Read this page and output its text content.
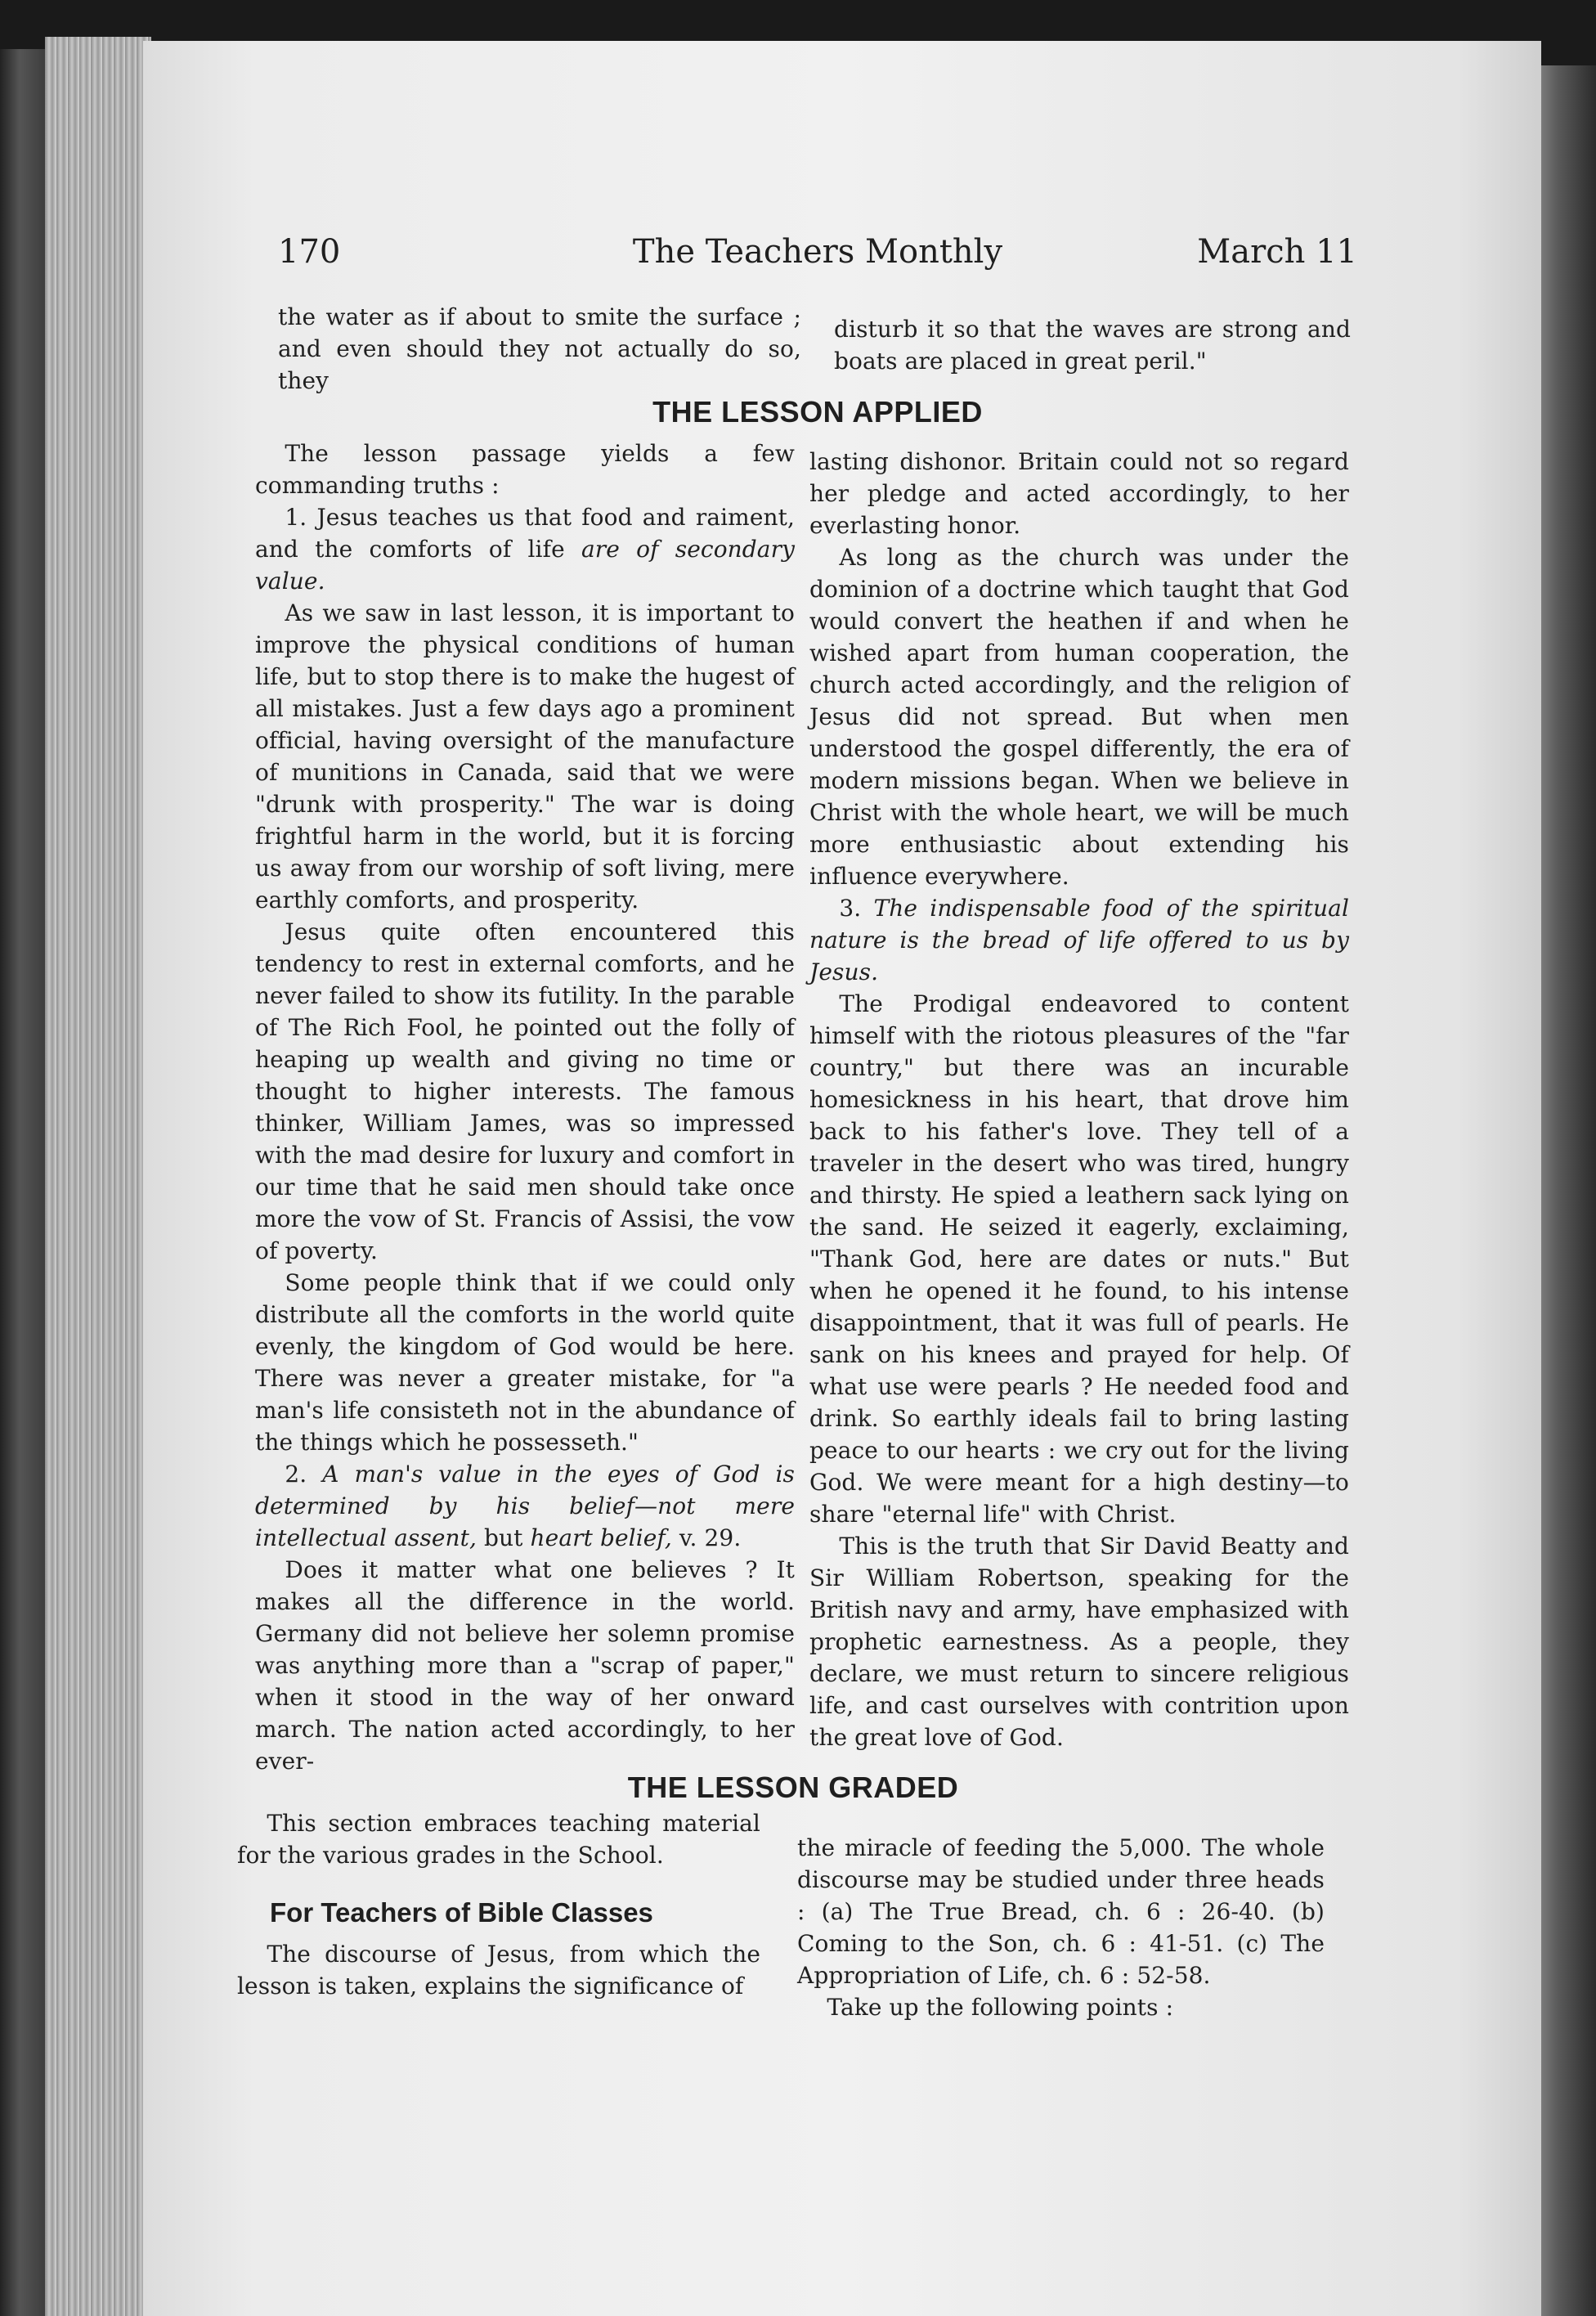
170	The Teachers Monthly	March 11

the water as if about to smite the surface ; and even should they not actually do so, they

disturb it so that the waves are strong and boats are placed in great peril."

THE LESSON APPLIED

The lesson passage yields a few commanding truths :

1. Jesus teaches us that food and raiment, and the comforts of life are of secondary value.

As we saw in last lesson, it is important to improve the physical conditions of human life, but to stop there is to make the hugest of all mistakes. Just a few days ago a prominent official, having oversight of the manufacture of munitions in Canada, said that we were "drunk with prosperity." The war is doing frightful harm in the world, but it is forcing us away from our worship of soft living, mere earthly comforts, and prosperity.

Jesus quite often encountered this tendency to rest in external comforts, and he never failed to show its futility. In the parable of The Rich Fool, he pointed out the folly of heaping up wealth and giving no time or thought to higher interests. The famous thinker, William James, was so impressed with the mad desire for luxury and comfort in our time that he said men should take once more the vow of St. Francis of Assisi, the vow of poverty.

Some people think that if we could only distribute all the comforts in the world quite evenly, the kingdom of God would be here. There was never a greater mistake, for "a man's life consisteth not in the abundance of the things which he possesseth."

2. A man's value in the eyes of God is determined by his belief—not mere intellectual assent, but heart belief, v. 29.

Does it matter what one believes ? It makes all the difference in the world. Germany did not believe her solemn promise was anything more than a "scrap of paper," when it stood in the way of her onward march. The nation acted accordingly, to her ever-

lasting dishonor. Britain could not so regard her pledge and acted accordingly, to her everlasting honor.

As long as the church was under the dominion of a doctrine which taught that God would convert the heathen if and when he wished apart from human cooperation, the church acted accordingly, and the religion of Jesus did not spread. But when men understood the gospel differently, the era of modern missions began. When we believe in Christ with the whole heart, we will be much more enthusiastic about extending his influence everywhere.

3. The indispensable food of the spiritual nature is the bread of life offered to us by Jesus.

The Prodigal endeavored to content himself with the riotous pleasures of the "far country," but there was an incurable homesickness in his heart, that drove him back to his father's love. They tell of a traveler in the desert who was tired, hungry and thirsty. He spied a leathern sack lying on the sand. He seized it eagerly, exclaiming, "Thank God, here are dates or nuts." But when he opened it he found, to his intense disappointment, that it was full of pearls. He sank on his knees and prayed for help. Of what use were pearls ? He needed food and drink. So earthly ideals fail to bring lasting peace to our hearts : we cry out for the living God. We were meant for a high destiny—to share "eternal life" with Christ.

This is the truth that Sir David Beatty and Sir William Robertson, speaking for the British navy and army, have emphasized with prophetic earnestness. As a people, they declare, we must return to sincere religious life, and cast ourselves with contrition upon the great love of God.

THE LESSON GRADED

This section embraces teaching material for the various grades in the School.

For Teachers of Bible Classes

The discourse of Jesus, from which the lesson is taken, explains the significance of

the miracle of feeding the 5,000. The whole discourse may be studied under three heads : (a) The True Bread, ch. 6 : 26-40. (b) Coming to the Son, ch. 6 : 41-51. (c) The Appropriation of Life, ch. 6 : 52-58.

Take up the following points :
